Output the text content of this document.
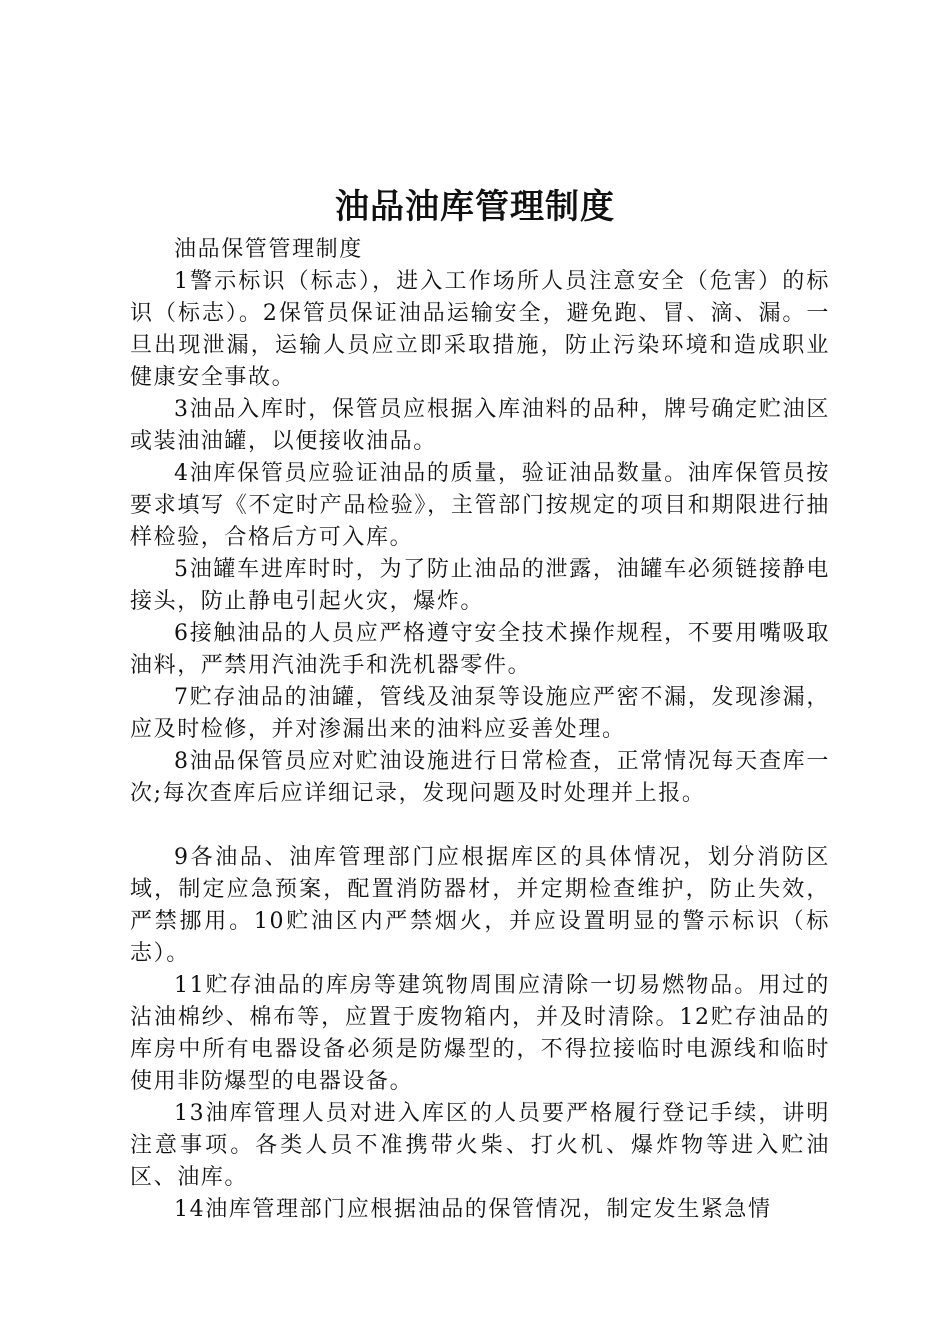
油品油库管理制度

油品保管管理制度

1警示标识（标志），进入工作场所人员注意安全（危害）的标识（标志）。2保管员保证油品运输安全，避免跑、冒、滴、漏。一旦出现泄漏，运输人员应立即采取措施，防止污染环境和造成职业健康安全事故。

3油品入库时，保管员应根据入库油料的品种，牌号确定贮油区或装油油罐，以便接收油品。

4油库保管员应验证油品的质量，验证油品数量。油库保管员按要求填写《不定时产品检验》，主管部门按规定的项目和期限进行抽样检验，合格后方可入库。

5油罐车进库时时，为了防止油品的泄露，油罐车必须链接静电接头，防止静电引起火灾，爆炸。

6接触油品的人员应严格遵守安全技术操作规程，不要用嘴吸取油料，严禁用汽油洗手和洗机器零件。

7贮存油品的油罐，管线及油泵等设施应严密不漏，发现渗漏，应及时检修，并对渗漏出来的油料应妥善处理。

8油品保管员应对贮油设施进行日常检查，正常情况每天查库一次;每次查库后应详细记录，发现问题及时处理并上报。

9各油品、油库管理部门应根据库区的具体情况，划分消防区域，制定应急预案，配置消防器材，并定期检查维护，防止失效，严禁挪用。10贮油区内严禁烟火，并应设置明显的警示标识（标志）。

11贮存油品的库房等建筑物周围应清除一切易燃物品。用过的沾油棉纱、棉布等，应置于废物箱内，并及时清除。12贮存油品的库房中所有电器设备必须是防爆型的，不得拉接临时电源线和临时使用非防爆型的电器设备。

13油库管理人员对进入库区的人员要严格履行登记手续，讲明注意事项。各类人员不准携带火柴、打火机、爆炸物等进入贮油区、油库。

14油库管理部门应根据油品的保管情况，制定发生紧急情
